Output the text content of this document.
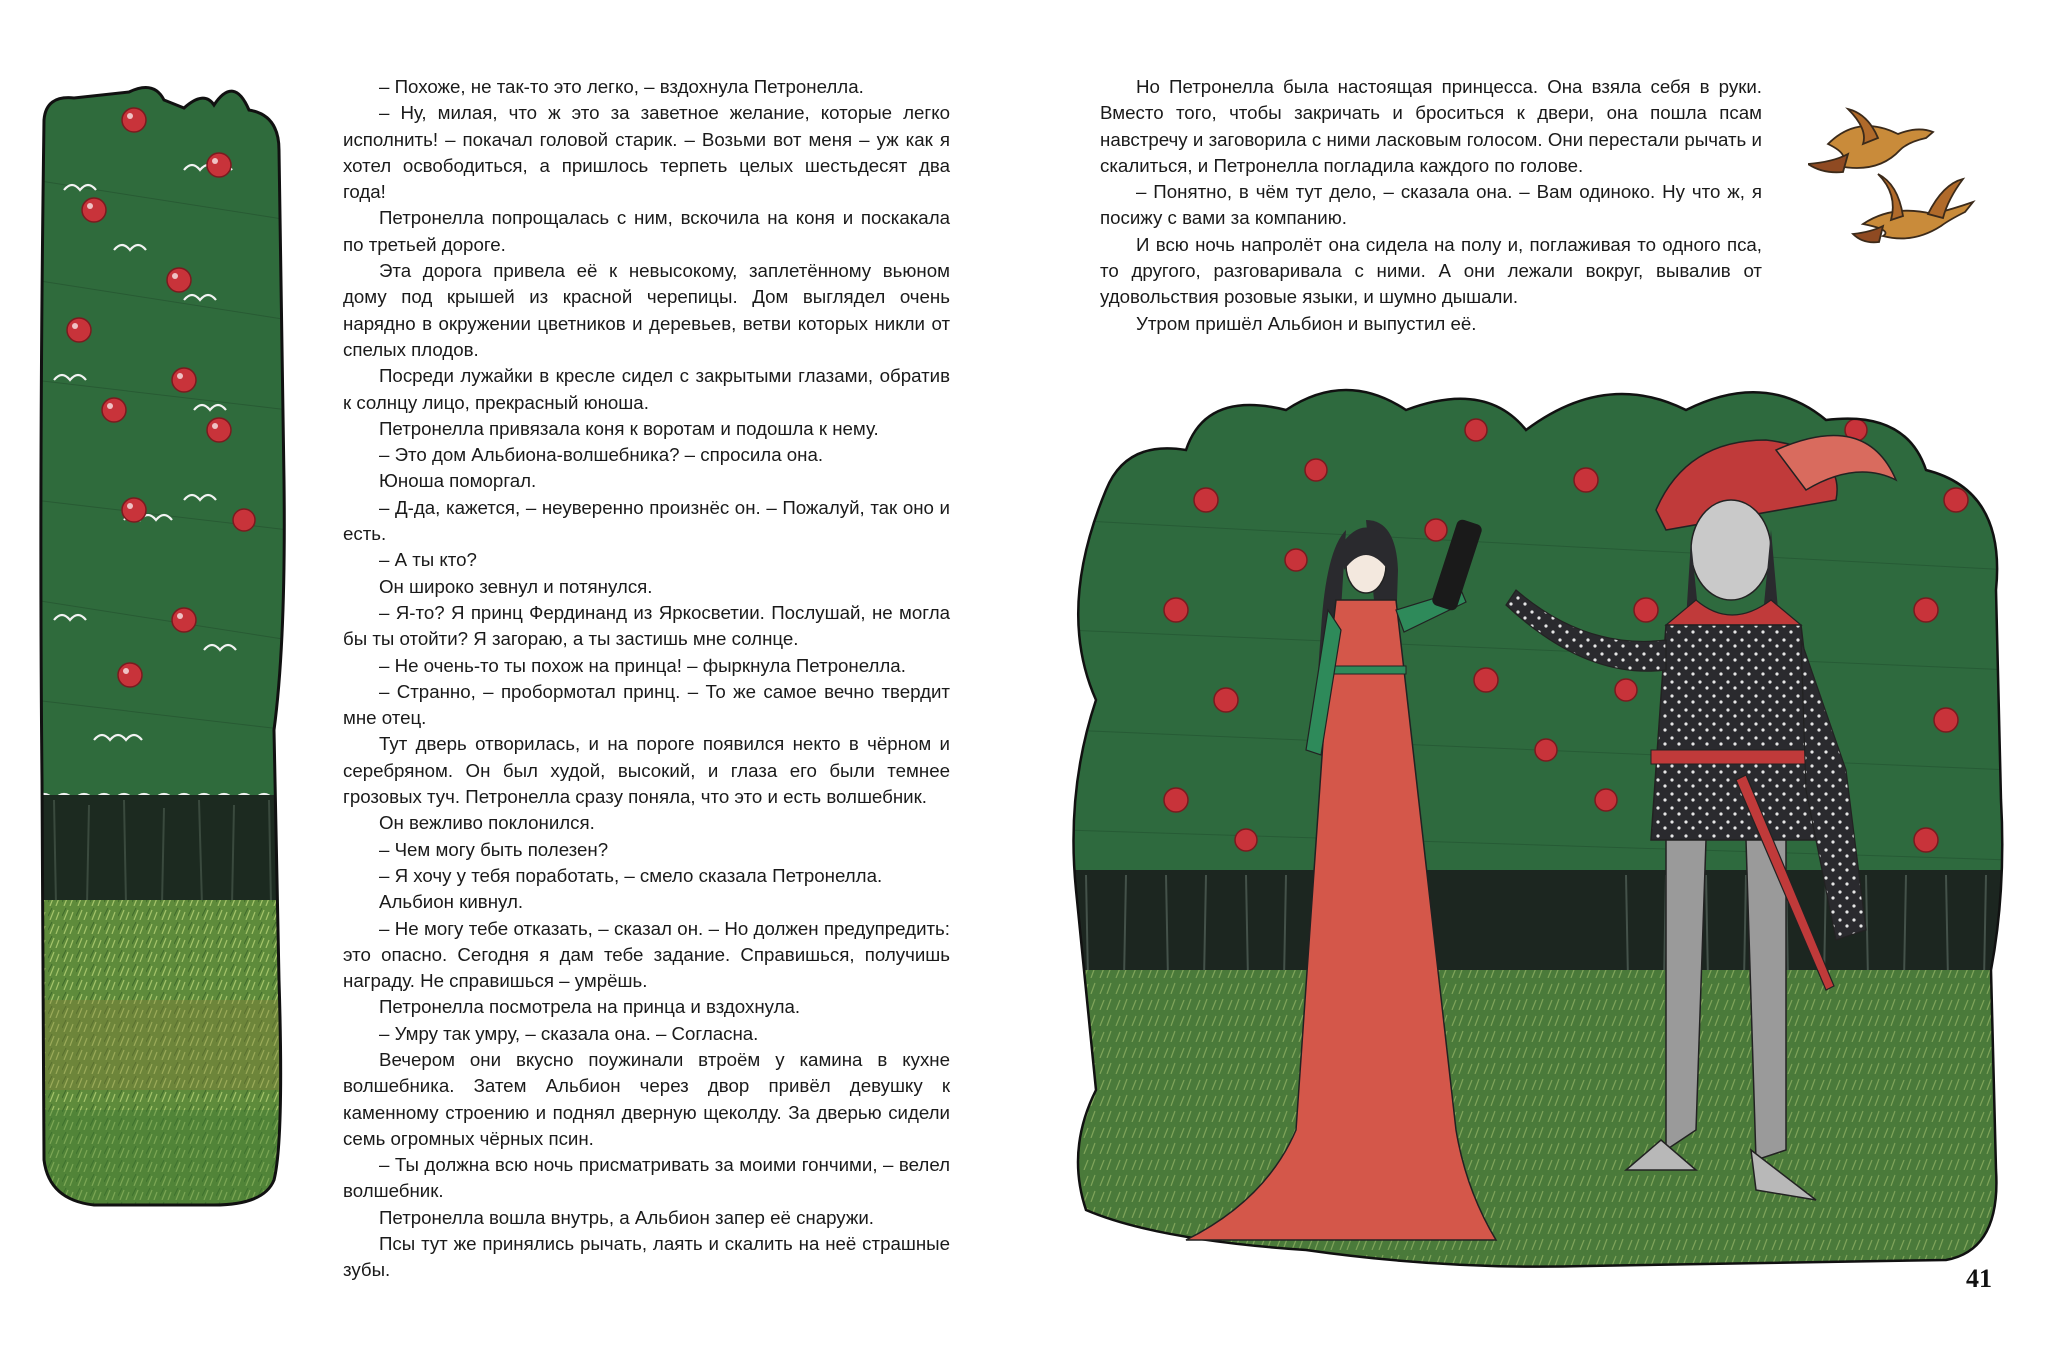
– Похоже, не так-то это легко, – вздохнула Петронелла.

– Ну, милая, что ж это за заветное желание, которые легко исполнить! – покачал головой старик. – Возьми вот меня – уж как я хотел освободиться, а пришлось терпеть целых шестьдесят два года!

Петронелла попрощалась с ним, вскочила на коня и поскакала по третьей дороге.

Эта дорога привела её к невысокому, заплетённому вьюном дому под крышей из красной черепицы. Дом выглядел очень нарядно в окружении цветников и деревьев, ветви которых никли от спелых плодов.

Посреди лужайки в кресле сидел с закрытыми глазами, обратив к солнцу лицо, прекрасный юноша.

Петронелла привязала коня к воротам и подошла к нему.

– Это дом Альбиона-волшебника? – спросила она.

Юноша поморгал.

– Д-да, кажется, – неуверенно произнёс он. – Пожалуй, так оно и есть.

– А ты кто?

Он широко зевнул и потянулся.

– Я-то? Я принц Фердинанд из Яркосветии. Послушай, не могла бы ты отойти? Я загораю, а ты застишь мне солнце.

– Не очень-то ты похож на принца! – фыркнула Петронелла.

– Странно, – пробормотал принц. – То же самое вечно твердит мне отец.

Тут дверь отворилась, и на пороге появился некто в чёрном и серебряном. Он был худой, высокий, и глаза его были темнее грозовых туч. Петронелла сразу поняла, что это и есть волшебник.

Он вежливо поклонился.

– Чем могу быть полезен?

– Я хочу у тебя поработать, – смело сказала Петронелла.

Альбион кивнул.

– Не могу тебе отказать, – сказал он. – Но должен предупредить: это опасно. Сегодня я дам тебе задание. Справишься, получишь награду. Не справишься – умрёшь.

Петронелла посмотрела на принца и вздохнула.

– Умру так умру, – сказала она. – Согласна.

Вечером они вкусно поужинали втроём у камина в кухне волшебника. Затем Альбион через двор привёл девушку к каменному строению и поднял дверную щеколду. За дверью сидели семь огромных чёрных псин.

– Ты должна всю ночь присматривать за моими гончими, – велел волшебник.

Петронелла вошла внутрь, а Альбион запер её снаружи.

Псы тут же принялись рычать, лаять и скалить на неё страшные зубы.

Но Петронелла была настоящая принцесса. Она взяла себя в руки. Вместо того, чтобы закричать и броситься к двери, она пошла псам навстречу и заговорила с ними ласковым голосом. Они перестали рычать и скалиться, и Петронелла погладила каждого по голове.

– Понятно, в чём тут дело, – сказала она. – Вам одиноко. Ну что ж, я посижу с вами за компанию.

И всю ночь напролёт она сидела на полу и, поглаживая то одного пса, то другого, разговаривала с ними. А они лежали вокруг, вывалив от удовольствия розовые языки, и шумно дышали.

Утром пришёл Альбион и выпустил её.

41
